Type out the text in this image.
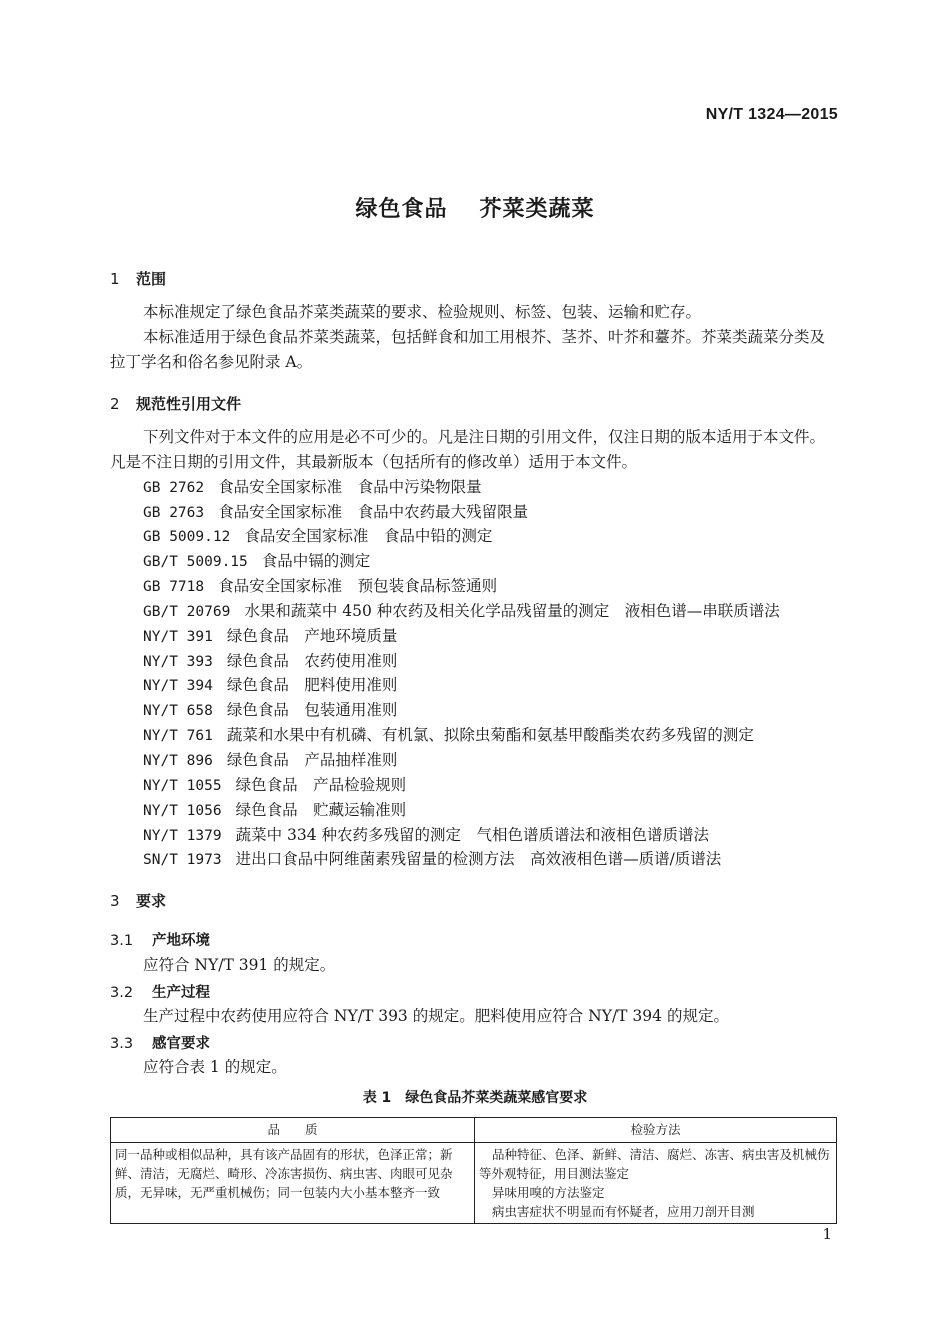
NY/T 1324—2015
绿色食品 芥菜类蔬菜
1 范围
本标准规定了绿色食品芥菜类蔬菜的要求、检验规则、标签、包装、运输和贮存。
本标准适用于绿色食品芥菜类蔬菜，包括鲜食和加工用根芥、茎芥、叶芥和薹芥。芥菜类蔬菜分类及拉丁学名和俗名参见附录 A。
2 规范性引用文件
下列文件对于本文件的应用是必不可少的。凡是注日期的引用文件，仅注日期的版本适用于本文件。凡是不注日期的引用文件，其最新版本（包括所有的修改单）适用于本文件。
GB 2762 食品安全国家标准　食品中污染物限量
GB 2763 食品安全国家标准　食品中农药最大残留限量
GB 5009.12 食品安全国家标准　食品中铅的测定
GB/T 5009.15 食品中镉的测定
GB 7718 食品安全国家标准　预包装食品标签通则
GB/T 20769 水果和蔬菜中 450 种农药及相关化学品残留量的测定　液相色谱—串联质谱法
NY/T 391 绿色食品　产地环境质量
NY/T 393 绿色食品　农药使用准则
NY/T 394 绿色食品　肥料使用准则
NY/T 658 绿色食品　包装通用准则
NY/T 761 蔬菜和水果中有机磷、有机氯、拟除虫菊酯和氨基甲酸酯类农药多残留的测定
NY/T 896 绿色食品　产品抽样准则
NY/T 1055 绿色食品　产品检验规则
NY/T 1056 绿色食品　贮藏运输准则
NY/T 1379 蔬菜中 334 种农药多残留的测定　气相色谱质谱法和液相色谱质谱法
SN/T 1973 进出口食品中阿维菌素残留量的检测方法　高效液相色谱—质谱/质谱法
3 要求
3.1 产地环境
应符合 NY/T 391 的规定。
3.2 生产过程
生产过程中农药使用应符合 NY/T 393 的规定。肥料使用应符合 NY/T 394 的规定。
3.3 感官要求
应符合表 1 的规定。
表 1　绿色食品芥菜类蔬菜感官要求
品　　质	检验方法
同一品种或相似品种，具有该产品固有的形状，色泽正常；新鲜、清洁，无腐烂、畸形、冷冻害损伤、病虫害、肉眼可见杂质，无异味，无严重机械伤；同一包装内大小基本整齐一致	品种特征、色泽、新鲜、清洁、腐烂、冻害、病虫害及机械伤等外观特征，用目测法鉴定
异味用嗅的方法鉴定
病虫害症状不明显而有怀疑者，应用刀剖开目测
1
